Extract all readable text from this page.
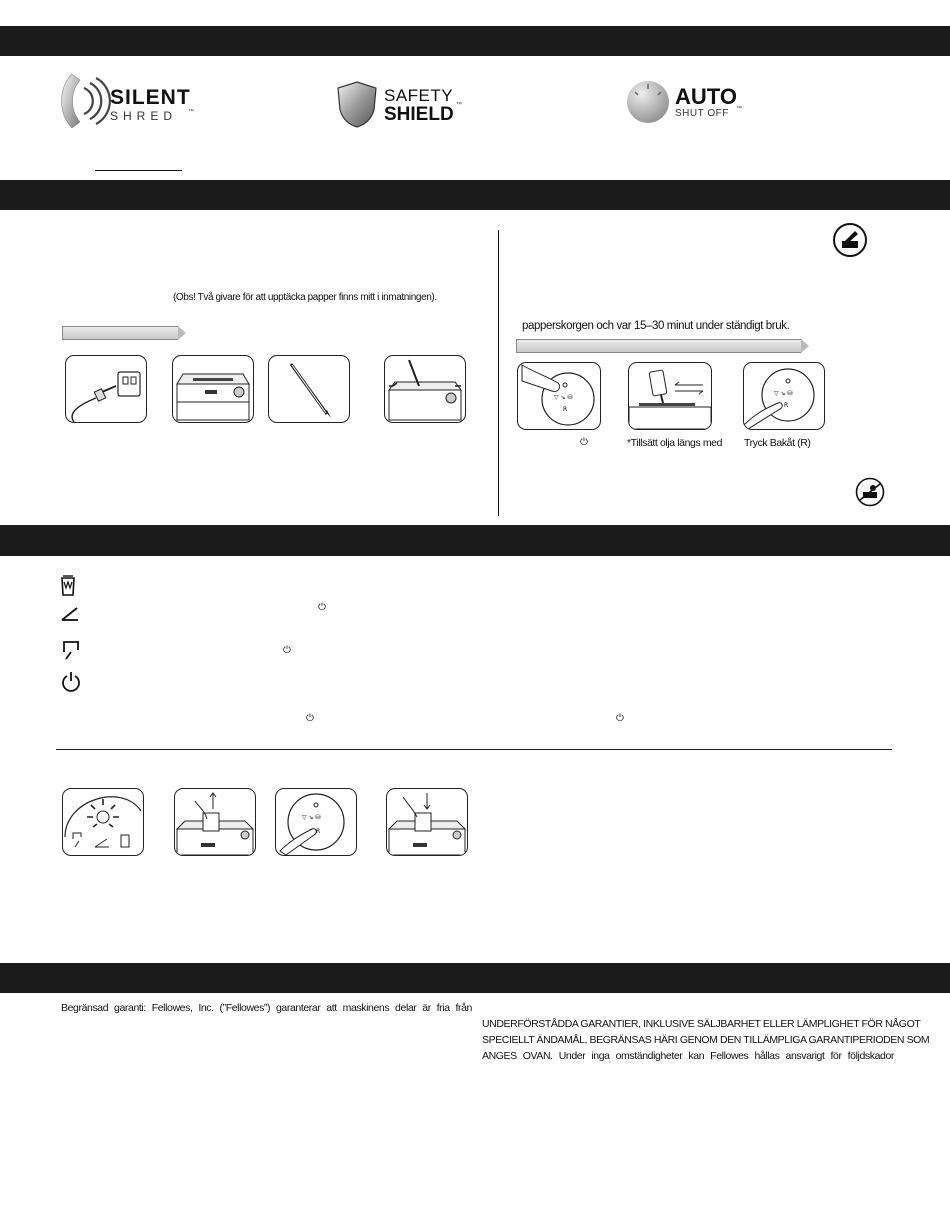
SILENT
SHRED ™
SAFETY
SHIELD ™	AUTO
SHUT OFF ™
(Obs! Två givare för att upptäcka papper finns mitt i inmatningen).
papperskorgen och var 15–30 minut under ständigt bruk.
▽ ↘ ⛁
R
▽ ↘ ⛁
R
⏻	*Tillsätt olja längs med Tryck Bakåt (R)
⏻
⏻
⏻	⏻
▽ ↘ ⛁
R
Begränsad garanti: Fellowes, Inc. (”Fellowes”) garanterar att maskinens delar är fria från
UNDERFÖRSTÅDDA GARANTIER, INKLUSIVE SÄLJBARHET ELLER LÄMPLIGHET FÖR NÅGOT
SPECIELLT ÄNDAMÅL, BEGRÄNSAS HÄRI GENOM DEN TILLÄMPLIGA GARANTIPERIODEN SOM
ANGES OVAN. Under inga omständigheter kan Fellowes hållas ansvarigt för följdskador
